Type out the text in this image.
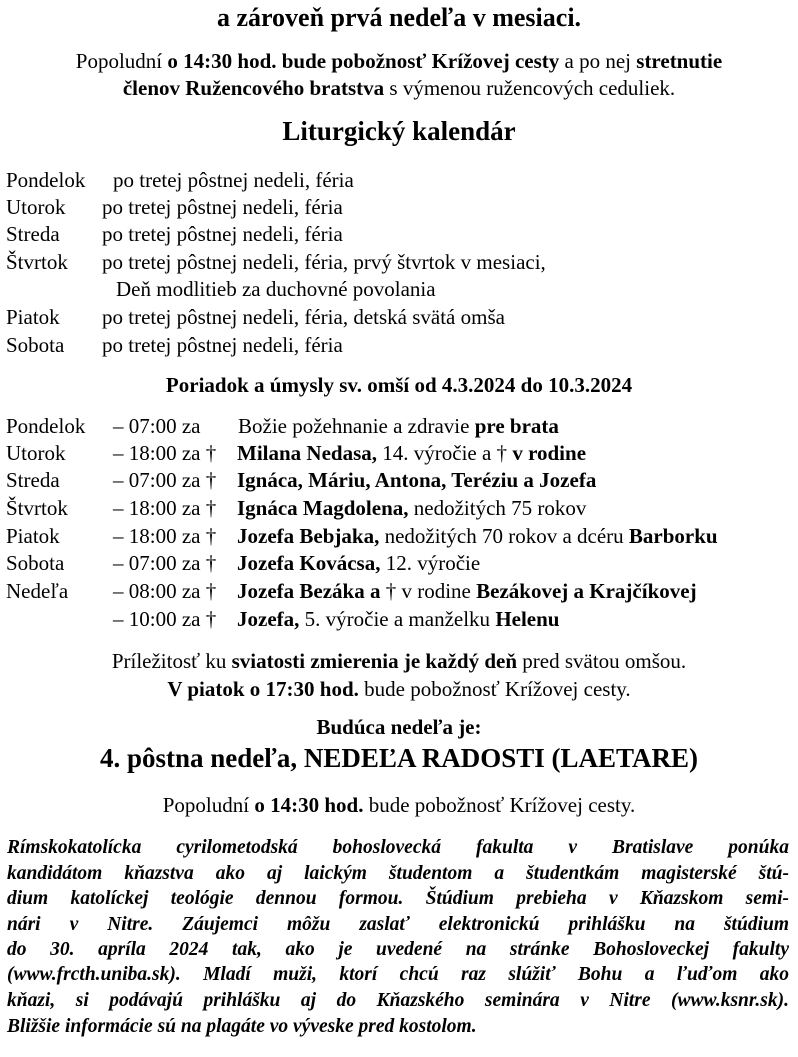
a zároveň prvá nedeľa v mesiaci.
Popoludní o 14:30 hod. bude pobožnosť Krížovej cesty a po nej stretnutie
členov Ružencového bratstva s výmenou ružencových ceduliek.
Liturgický kalendár
Pondelok po tretej pôstnej nedeli, féria
Utorok po tretej pôstnej nedeli, féria
Streda po tretej pôstnej nedeli, féria
Štvrtok po tretej pôstnej nedeli, féria, prvý štvrtok v mesiaci,
Deň modlitieb za duchovné povolania
Piatok po tretej pôstnej nedeli, féria, detská svätá omša
Sobota po tretej pôstnej nedeli, féria
Poriadok a úmysly sv. omší od 4.3.2024 do 10.3.2024
Pondelok – 07:00 za Božie požehnanie a zdravie pre brata
Utorok – 18:00 za † Milana Nedasa, 14. výročie a † v rodine
Streda	– 07:00 za † Ignáca, Máriu, Antona, Teréziu a Jozefa
Štvrtok – 18:00 za † Ignáca Magdolena, nedožitých 75 rokov
Piatok	– 18:00 za † Jozefa Bebjaka, nedožitých 70 rokov a dcéru Barborku
Sobota – 07:00 za † Jozefa Kovácsa, 12. výročie
Nedeľa – 08:00 za † Jozefa Bezáka a † v rodine Bezákovej a Krajčíkovej
– 10:00 za † Jozefa, 5. výročie a manželku Helenu
Príležitosť ku sviatosti zmierenia je každý deň pred svätou omšou.
V piatok o 17:30 hod. bude pobožnosť Krížovej cesty.
Budúca nedeľa je:
4. pôstna nedeľa, NEDEĽA RADOSTI (LAETARE)
Popoludní o 14:30 hod. bude pobožnosť Krížovej cesty.
Rímskokatolícka cyrilometodská bohoslovecká fakulta v Bratislave ponúka
kandidátom kňazstva ako aj laickým študentom a študentkám magisterské štú-
dium katolíckej teológie dennou formou. Štúdium prebieha v Kňazskom semi-
nári v Nitre. Záujemci môžu zaslať elektronickú prihlášku na štúdium
do 30. apríla 2024 tak, ako je uvedené na stránke Bohosloveckej fakulty
(www.frcth.uniba.sk). Mladí muži, ktorí chcú raz slúžiť Bohu a ľuďom ako
kňazi, si podávajú prihlášku aj do Kňazského seminára v Nitre (www.ksnr.sk).
Bližšie informácie sú na plagáte vo vývеske pred kostolom.
